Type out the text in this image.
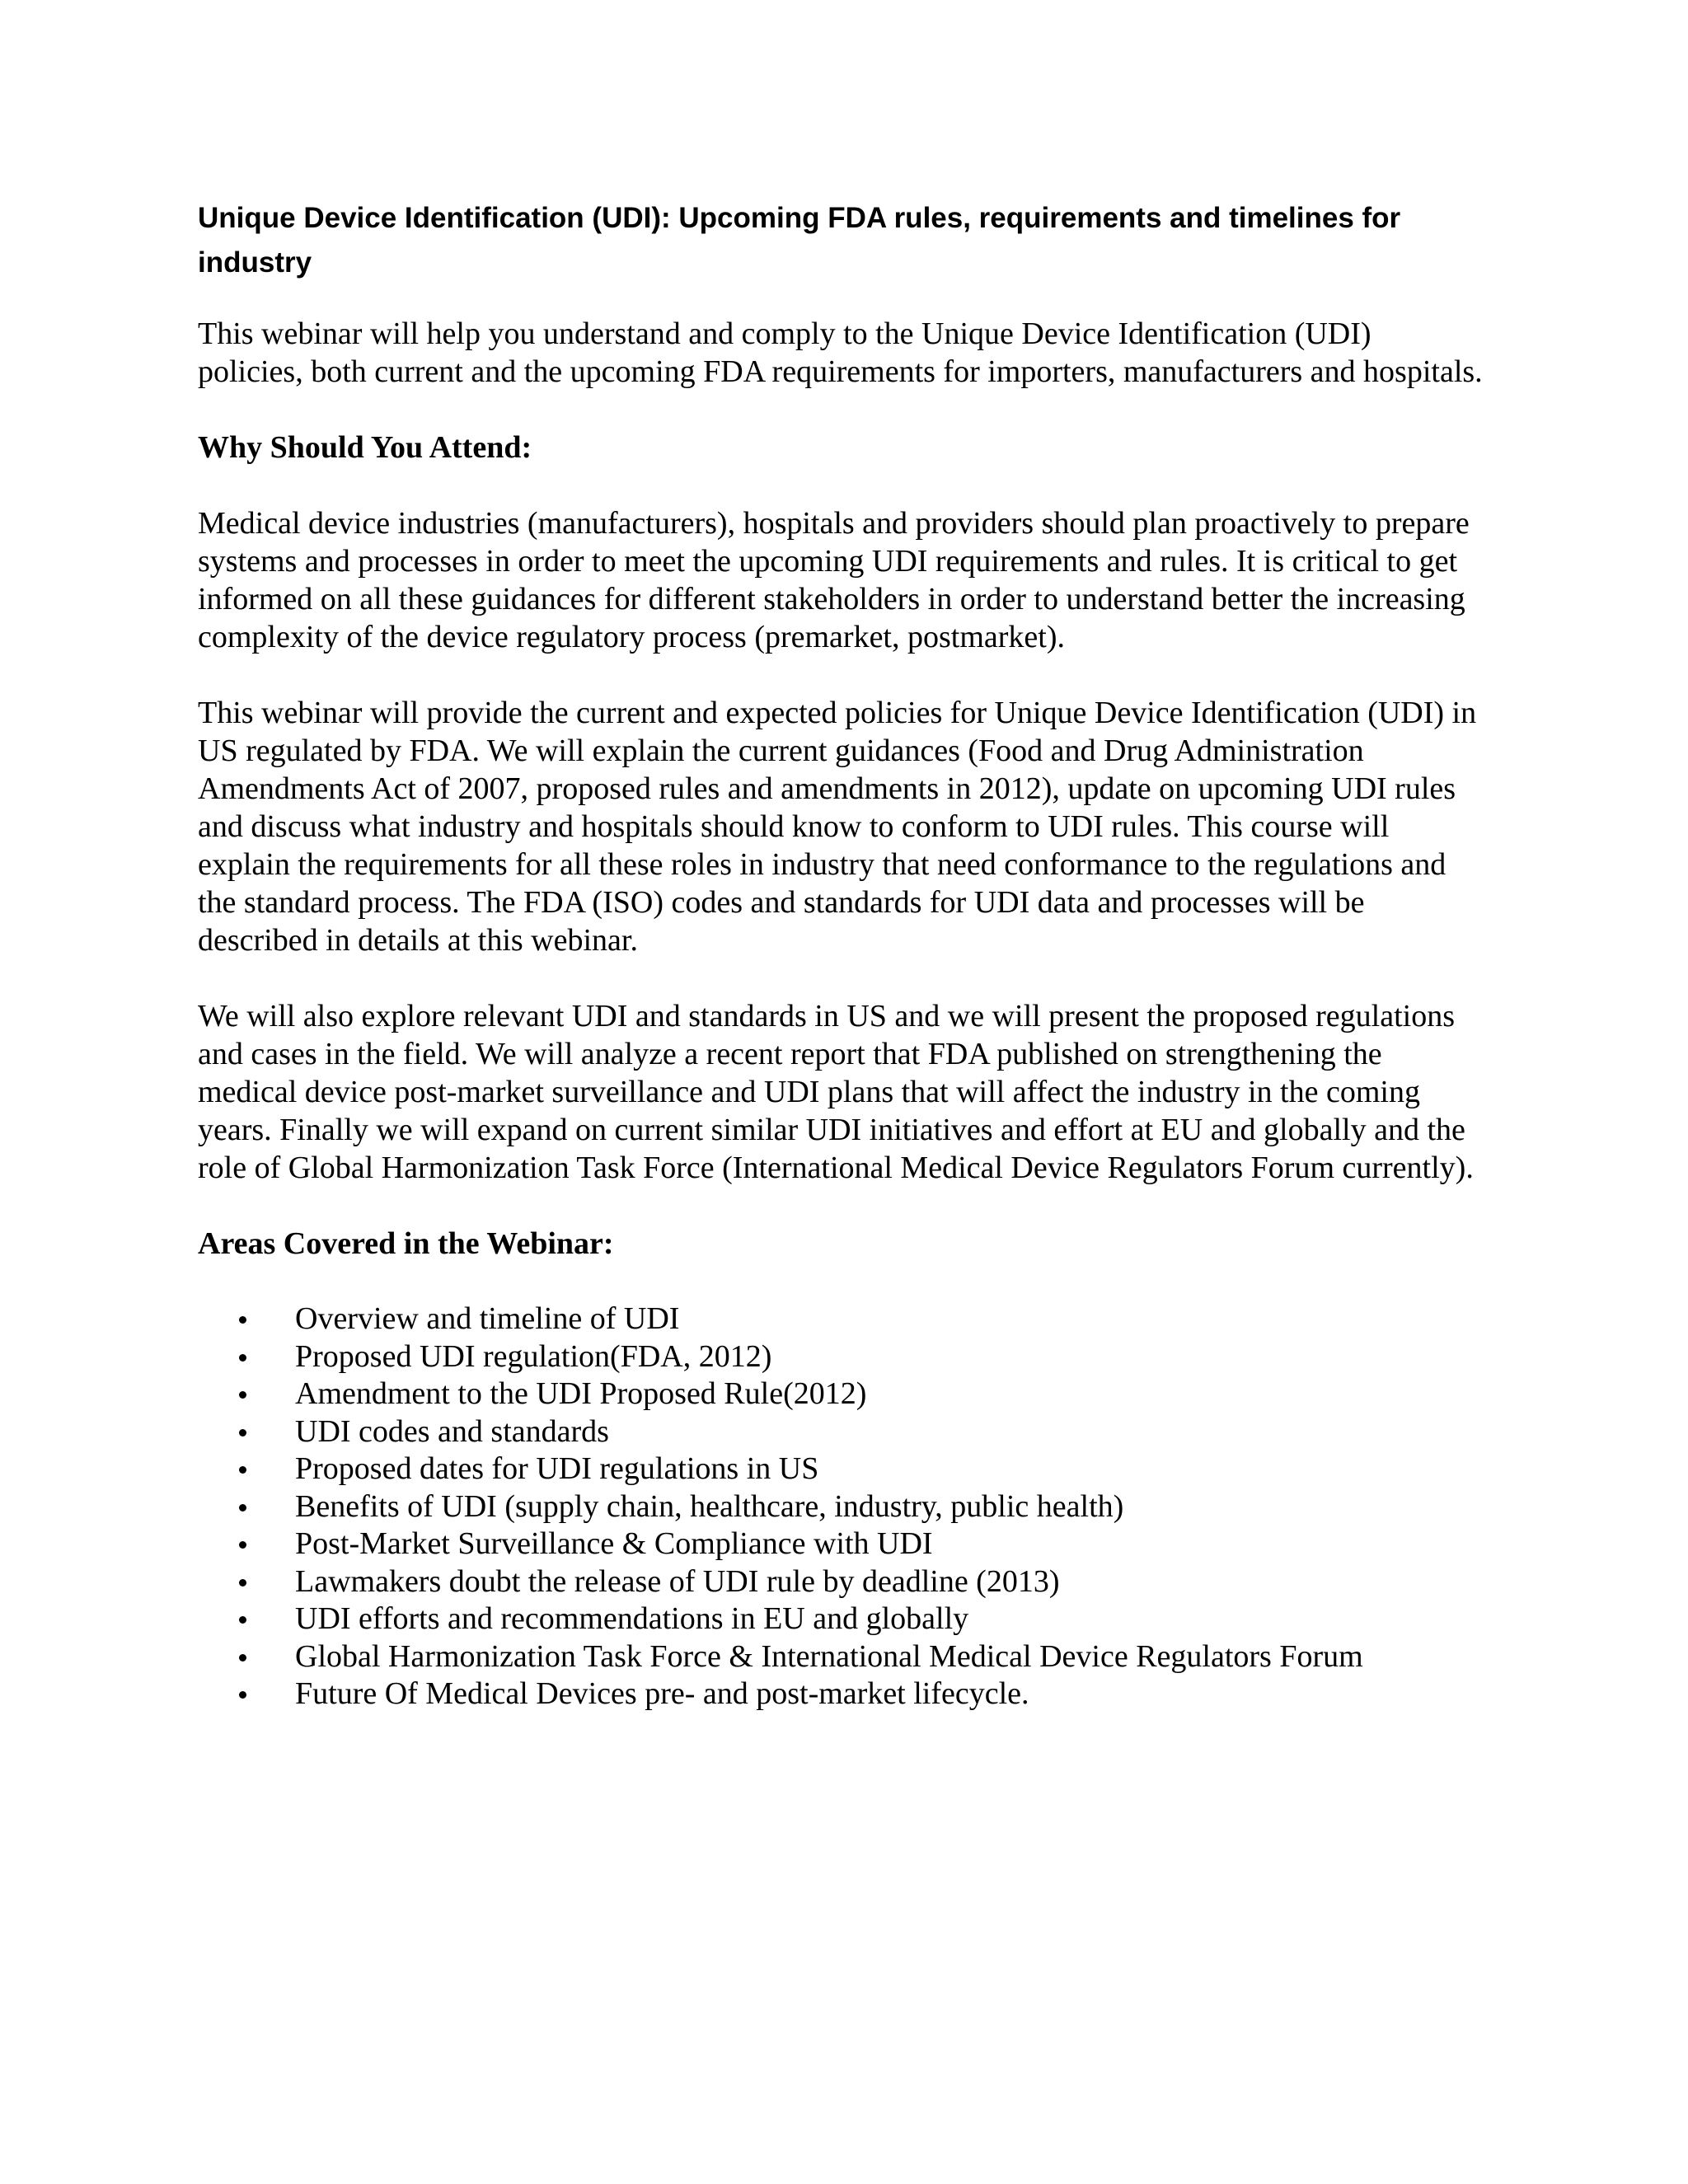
Unique Device Identification (UDI): Upcoming FDA rules, requirements and timelines for industry

This webinar will help you understand and comply to the Unique Device Identification (UDI) policies, both current and the upcoming FDA requirements for importers, manufacturers and hospitals.

Why Should You Attend:

Medical device industries (manufacturers), hospitals and providers should plan proactively to prepare systems and processes in order to meet the upcoming UDI requirements and rules. It is critical to get informed on all these guidances for different stakeholders in order to understand better the increasing complexity of the device regulatory process (premarket, postmarket).

This webinar will provide the current and expected policies for Unique Device Identification (UDI) in US regulated by FDA. We will explain the current guidances (Food and Drug Administration Amendments Act of 2007, proposed rules and amendments in 2012), update on upcoming UDI rules and discuss what industry and hospitals should know to conform to UDI rules. This course will explain the requirements for all these roles in industry that need conformance to the regulations and the standard process. The FDA (ISO) codes and standards for UDI data and processes will be described in details at this webinar.

We will also explore relevant UDI and standards in US and we will present the proposed regulations and cases in the field. We will analyze a recent report that FDA published on strengthening the medical device post-market surveillance and UDI plans that will affect the industry in the coming years. Finally we will expand on current similar UDI initiatives and effort at EU and globally and the role of Global Harmonization Task Force (International Medical Device Regulators Forum currently).

Areas Covered in the Webinar:
Overview and timeline of UDI
Proposed UDI regulation(FDA, 2012)
Amendment to the UDI Proposed Rule(2012)
UDI codes and standards
Proposed dates for UDI regulations in US
Benefits of UDI (supply chain, healthcare, industry, public health)
Post-Market Surveillance & Compliance with UDI
Lawmakers doubt the release of UDI rule by deadline (2013)
UDI efforts and recommendations in EU and globally
Global Harmonization Task Force & International Medical Device Regulators Forum
Future Of Medical Devices pre- and post-market lifecycle.
